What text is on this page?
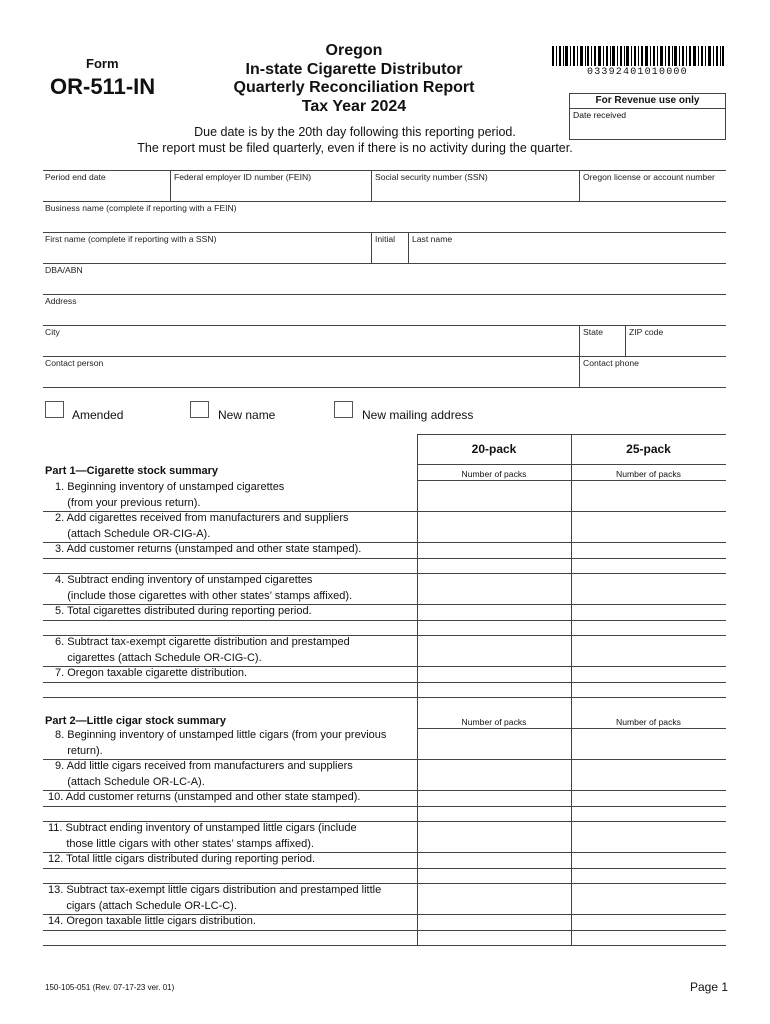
Form
OR-511-IN
Oregon
In-state Cigarette Distributor
Quarterly Reconciliation Report
Tax Year 2024
03392401010000
For Revenue use only
Date received
Due date is by the 20th day following this reporting period.
The report must be filed quarterly, even if there is no activity during the quarter.
Period end date	Federal employer ID number (FEIN)	Social security number (SSN)	Oregon license or account number
Business name (complete if reporting with a FEIN)
First name (complete if reporting with a SSN)	Initial Last name
DBA/ABN
Address
City	State	ZIP code
Contact person	Contact phone
Amended	New name	New mailing address
20-pack	25-pack
Number of packs	Number of packs
Part 1—Cigarette stock summary
1. Beginning inventory of unstamped cigarettes
(from your previous return).
2. Add cigarettes received from manufacturers and suppliers
(attach Schedule OR-CIG-A).
3. Add customer returns (unstamped and other state stamped).
4. Subtract ending inventory of unstamped cigarettes
(include those cigarettes with other states’ stamps affixed).
5. Total cigarettes distributed during reporting period.
6. Subtract tax-exempt cigarette distribution and prestamped
cigarettes (attach Schedule OR-CIG-C).
7. Oregon taxable cigarette distribution.
Part 2—Little cigar stock summary	Number of packs	Number of packs
8. Beginning inventory of unstamped little cigars (from your previous
return).
9. Add little cigars received from manufacturers and suppliers
(attach Schedule OR-LC-A).
10. Add customer returns (unstamped and other state stamped).
11. Subtract ending inventory of unstamped little cigars (include
those little cigars with other states’ stamps affixed).
12. Total little cigars distributed during reporting period.
13. Subtract tax-exempt little cigars distribution and prestamped little
cigars (attach Schedule OR-LC-C).
14. Oregon taxable little cigars distribution.
150-105-051 (Rev. 07-17-23 ver. 01)	Page 1
